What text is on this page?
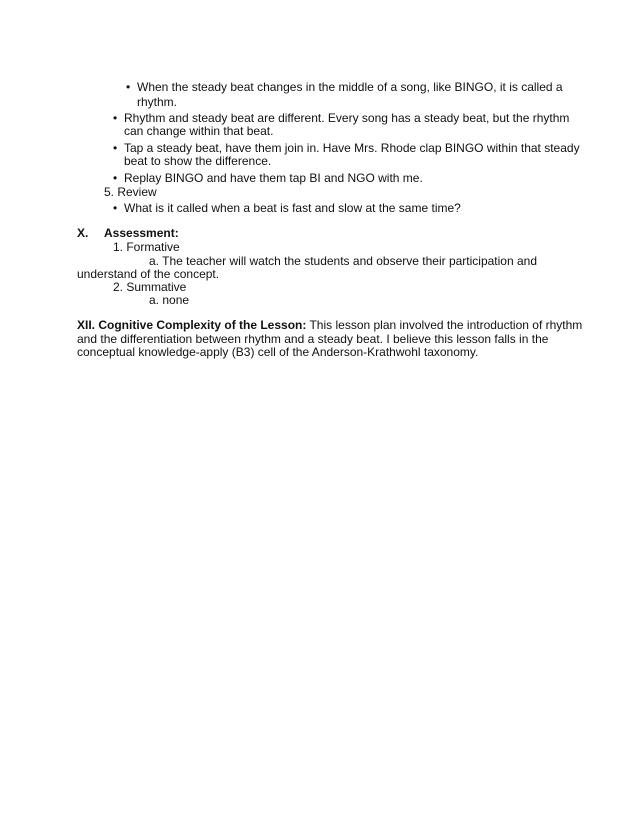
• When the steady beat changes in the middle of a song, like BINGO, it is called a
rhythm.
• Rhythm and steady beat are different. Every song has a steady beat, but the rhythm
can change within that beat.
• Tap a steady beat, have them join in. Have Mrs. Rhode clap BINGO within that steady
beat to show the difference.
• Replay BINGO and have them tap BI and NGO with me.
5. Review
• What is it called when a beat is fast and slow at the same time?
X. Assessment:
1. Formative
a. The teacher will watch the students and observe their participation and
understand of the concept.
2. Summative
a. none
XII. Cognitive Complexity of the Lesson: This lesson plan involved the introduction of rhythm
and the differentiation between rhythm and a steady beat. I believe this lesson falls in the
conceptual knowledge-apply (B3) cell of the Anderson-Krathwohl taxonomy.
